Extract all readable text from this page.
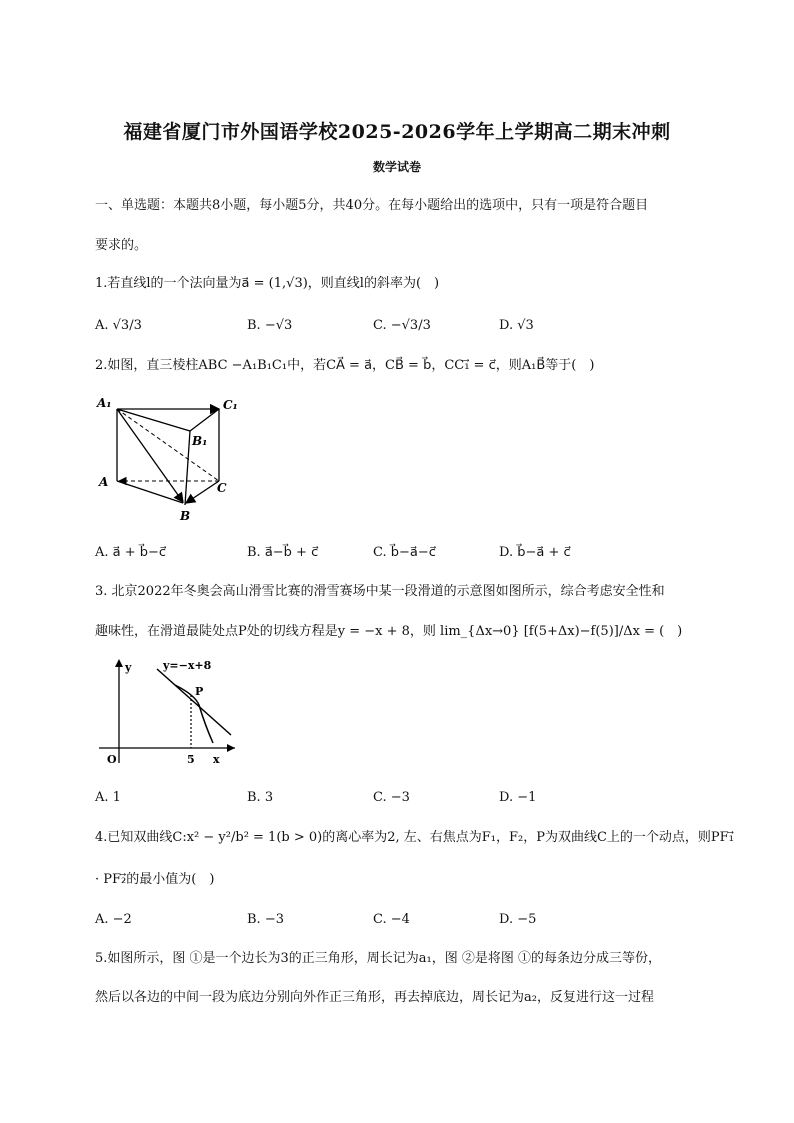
福建省厦门市外国语学校2025-2026学年上学期高二期末冲刺
数学试卷
一、单选题：本题共8小题，每小题5分，共40分。在每小题给出的选项中，只有一项是符合题目
要求的。
1.若直线l的一个法向量为a⃗ = (1,√3)，则直线l的斜率为(　)
A. √3/3	B. −√3	C. −√3/3	D. √3
2.如图，直三棱柱ABC −A₁B₁C₁中，若CA⃗ = a⃗，CB⃗ = b⃗，CC₁⃗ = c⃗，则A₁B⃗等于(　)
A₁	C₁
B₁
A	C
B
A. a⃗ + b⃗−c⃗	B. a⃗−b⃗ + c⃗	C. b⃗−a⃗−c⃗	D. b⃗−a⃗ + c⃗
3. 北京2022年冬奥会高山滑雪比赛的滑雪赛场中某一段滑道的示意图如图所示，综合考虑安全性和
趣味性，在滑道最陡处点P处的切线方程是y = −x + 8，则 lim_{Δx→0} [f(5+Δx)−f(5)]/Δx = (　)
y=−x+8
P
y
x
O	5
A. 1	B. 3	C. −3	D. −1
4.已知双曲线C:x² − y²/b² = 1(b > 0)的离心率为2, 左、右焦点为F₁，F₂，P为双曲线C上的一个动点，则PF₁⃗
· PF₂⃗的最小值为(　)
A. −2	B. −3	C. −4	D. −5
5.如图所示，图 ①是一个边长为3的正三角形，周长记为a₁，图 ②是将图 ①的每条边分成三等份，
然后以各边的中间一段为底边分别向外作正三角形，再去掉底边，周长记为a₂，反复进行这一过程
